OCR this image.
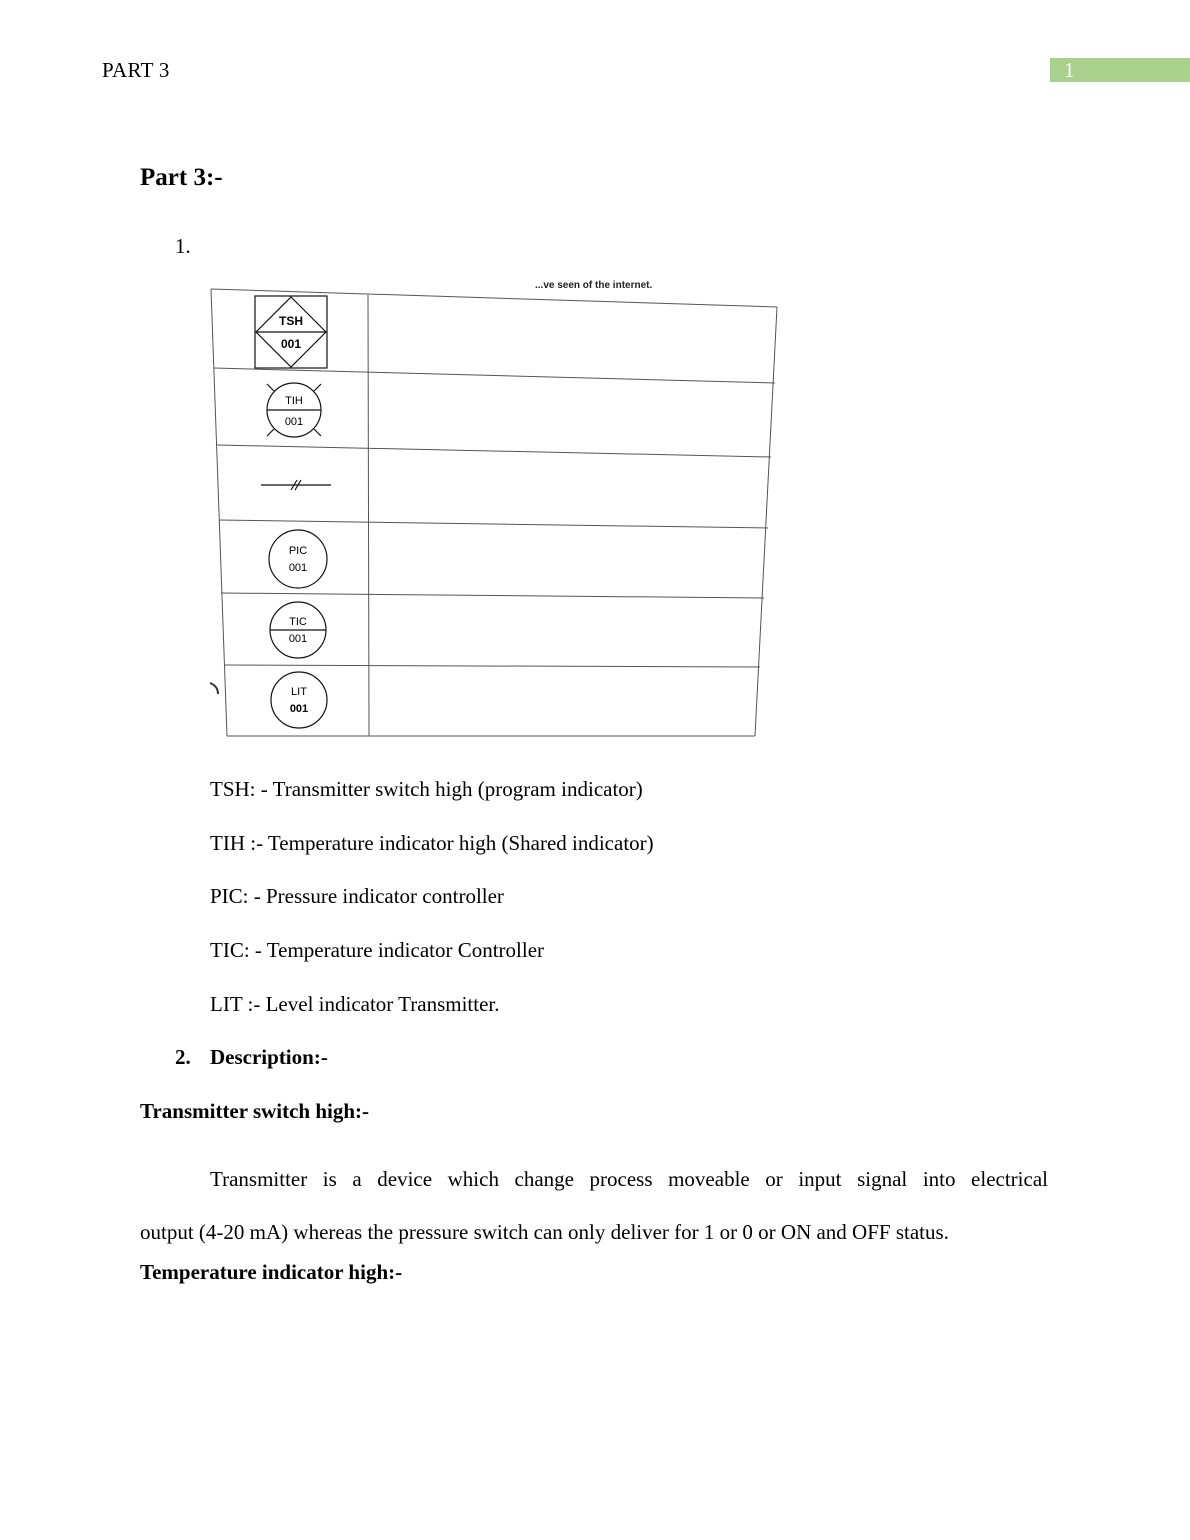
PART 3	1
Part 3:-
1.
...ve seen of the internet.
TSH
001
TIH
001
PIC
001
TIC
001
LIT
001
TSH: - Transmitter switch high (program indicator)
TIH :- Temperature indicator high (Shared indicator)
PIC: - Pressure indicator controller
TIC: - Temperature indicator Controller
LIT :- Level indicator Transmitter.
2. Description:-
Transmitter switch high:-
Transmitter is a device which change process moveable or input signal into electrical
output (4-20 mA) whereas the pressure switch can only deliver for 1 or 0 or ON and OFF status.
Temperature indicator high:-
